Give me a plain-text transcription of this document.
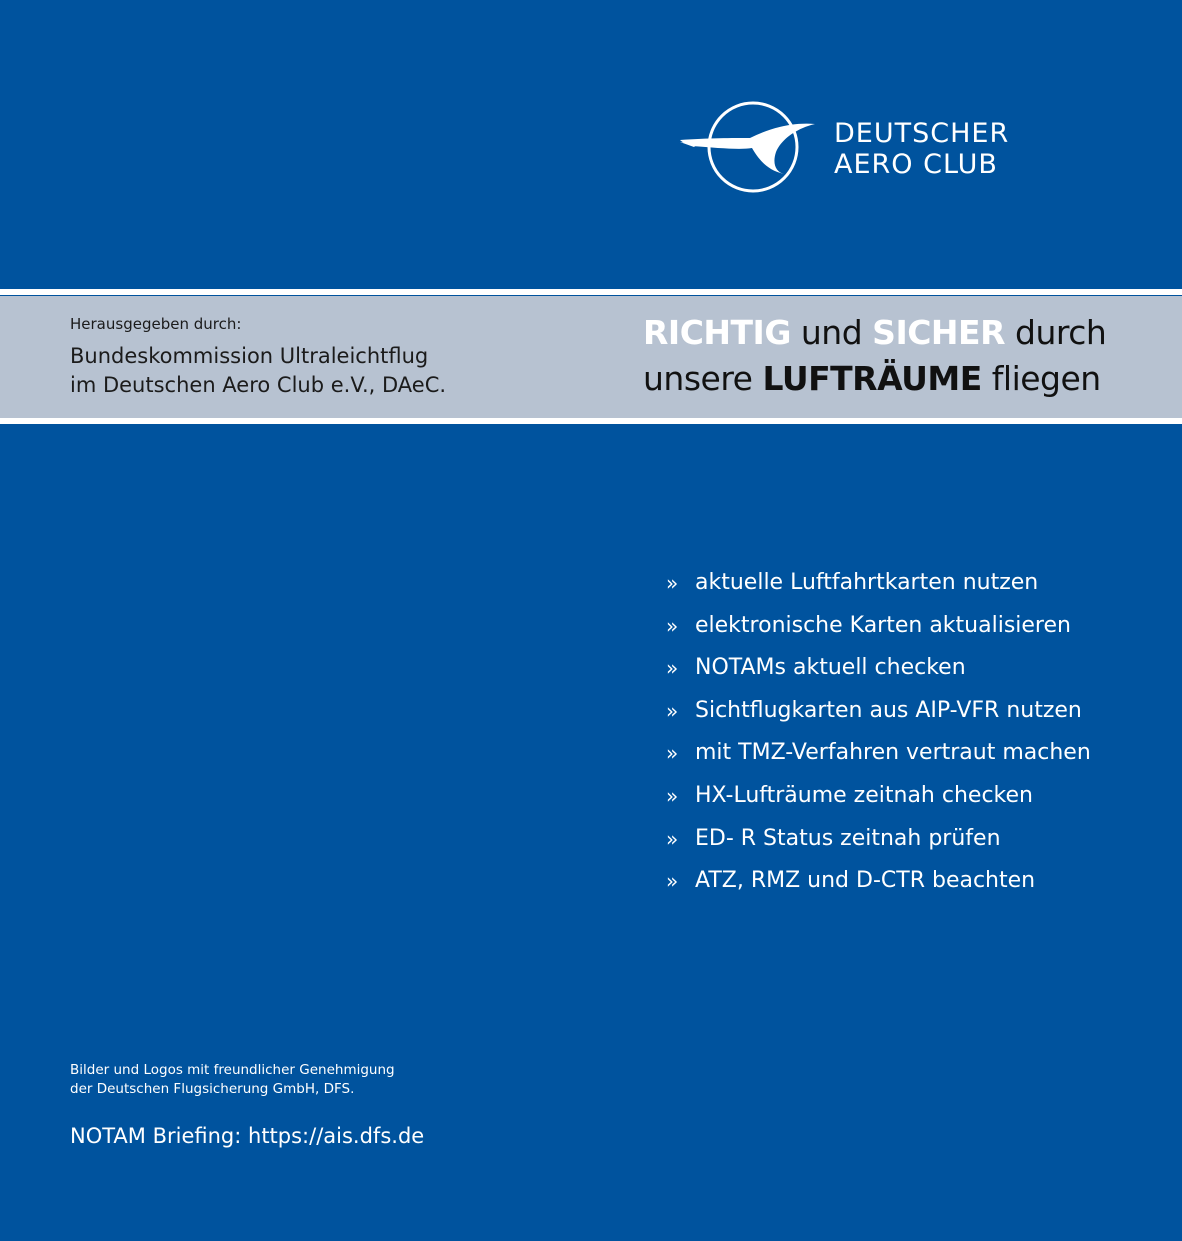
DEUTSCHER
AERO CLUB
Herausgegeben durch:
Bundeskommission Ultraleichtflug
im Deutschen Aero Club e.V., DAeC.
RICHTIG und SICHER durch
unsere LUFTRÄUME fliegen
» aktuelle Luftfahrtkarten nutzen
» elektronische Karten aktualisieren
» NOTAMs aktuell checken
» Sichtflugkarten aus AIP-VFR nutzen
» mit TMZ-Verfahren vertraut machen
» HX-Lufträume zeitnah checken
» ED- R Status zeitnah prüfen
» ATZ, RMZ und D-CTR beachten
Bilder und Logos mit freundlicher Genehmigung
der Deutschen Flugsicherung GmbH, DFS.
NOTAM Briefing: https://ais.dfs.de
